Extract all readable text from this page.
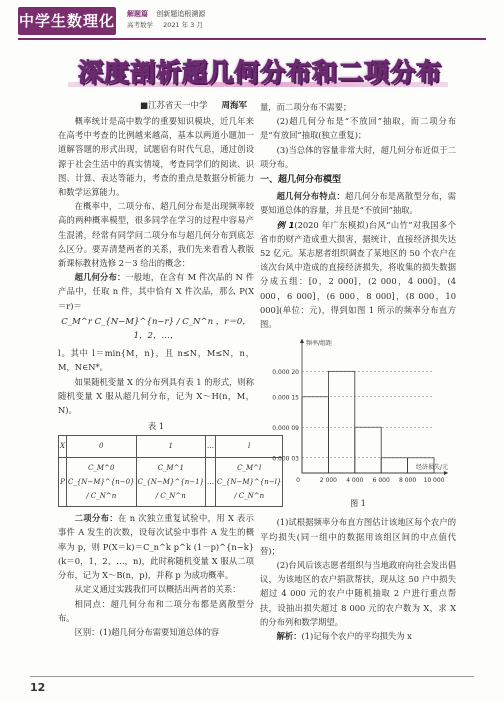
中学生数理化 解题篇 创新题追根溯源
高考数学 2021 年 3 月
深度剖析超几何分布和二项分布
■江苏省天一中学 周海军

概率统计是高中数学的重要知识模块，近几年来在高考中考查的比例越来越高，基本以两道小题加一道解答题的形式出现，试题宿有时代气息，通过创设源于社会生活中的真实情境，考查同学们的阅读、识图、计算、表达等能力，考查的重点是数据分析能力和数学运算能力。

在概率中，二项分布、超几何分布是出现频率较高的两种概率模型，很多同学在学习的过程中容易产生混淆，经常有同学问二项分布与超几何分布到底怎么区分。要弄清楚两者的关系，我们先来看看人教版新课标教材选修 2－3 给出的概念：

超几何分布：一般地，在含有 M 件次品的 N 件产品中，任取 n 件，其中恰有 X 件次品，那么 P(X＝r)＝

C_M^r C_{N−M}^{n−r} / C_N^n ，r＝0，1，2，…，

l。其中 l＝min{M，n}，且 n≤N，M≤N，n，M，N∈N*。

如果随机变量 X 的分布列具有表 1 的形式，则称随机变量 X 服从超几何分布，记为 X～H(n，M，N)。

表 1
X	0	1	…	l
P	C_M^0 C_{N−M}^{n−0} / C_N^n	C_M^1 C_{N−M}^{n−1} / C_N^n	…	C_M^l C_{N−M}^{n−l} / C_N^n

二项分布：在 n 次独立重复试验中，用 X 表示事件 A 发生的次数，设每次试验中事件 A 发生的概率为 p，则 P(X＝k)＝C_n^k p^k (1－p)^{n−k} (k＝0，1，2，…，n)，此时称随机变量 X 服从二项分布，记为 X～B(n，p)，并称 p 为成功概率。

从定义通过实践我们可以概括出两者的关系：

相同点：超几何分布和二项分布都是离散型分布。

区别：(1)超几何分布需要知道总体的容

量，而二项分布不需要；

(2)超几何分布是“不放回”抽取，而二项分布是“有放回”抽取(独立重复)；

(3)当总体的容量非常大时，超几何分布近似于二项分布。

一、超几何分布模型

超几何分布特点：超几何分布是离散型分布，需要知道总体的容量，并且是“不放回”抽取。

例 1(2020 年广东模拟)台风“山竹”对我国多个省市的财产造成重大损害，据统计，直接经济损失达 52 亿元。某志愿者组织调查了某地区的 50 个农户在该次台风中造成的直接经济损失，将收集的损失数据分成五组：[0，2 000]，(2 000，4 000]，(4 000，6 000]，(6 000，8 000]，(8 000，10 000](单位：元)，得到如图 1 所示的频率分布直方图。

0.000 20
0.000 15
0.000 09
0.000 03
0	2 000 4 000 6 000 8 000 10 000
频率/组距
经济损失/元
图 1

(1)试根据频率分布直方图估计该地区每个农户的平均损失(同一组中的数据用该组区间的中点值代替)；

(2)台风后该志愿者组织与当地政府向社会发出倡议，为该地区的农户捐款帮扶，现从这 50 户中损失超过 4 000 元的农户中随机抽取 2 户进行重点帮扶，设抽出损失超过 8 000 元的农户数为 X，求 X 的分布列和数学期望。

解析：(1)记每个农户的平均损失为 x

12
